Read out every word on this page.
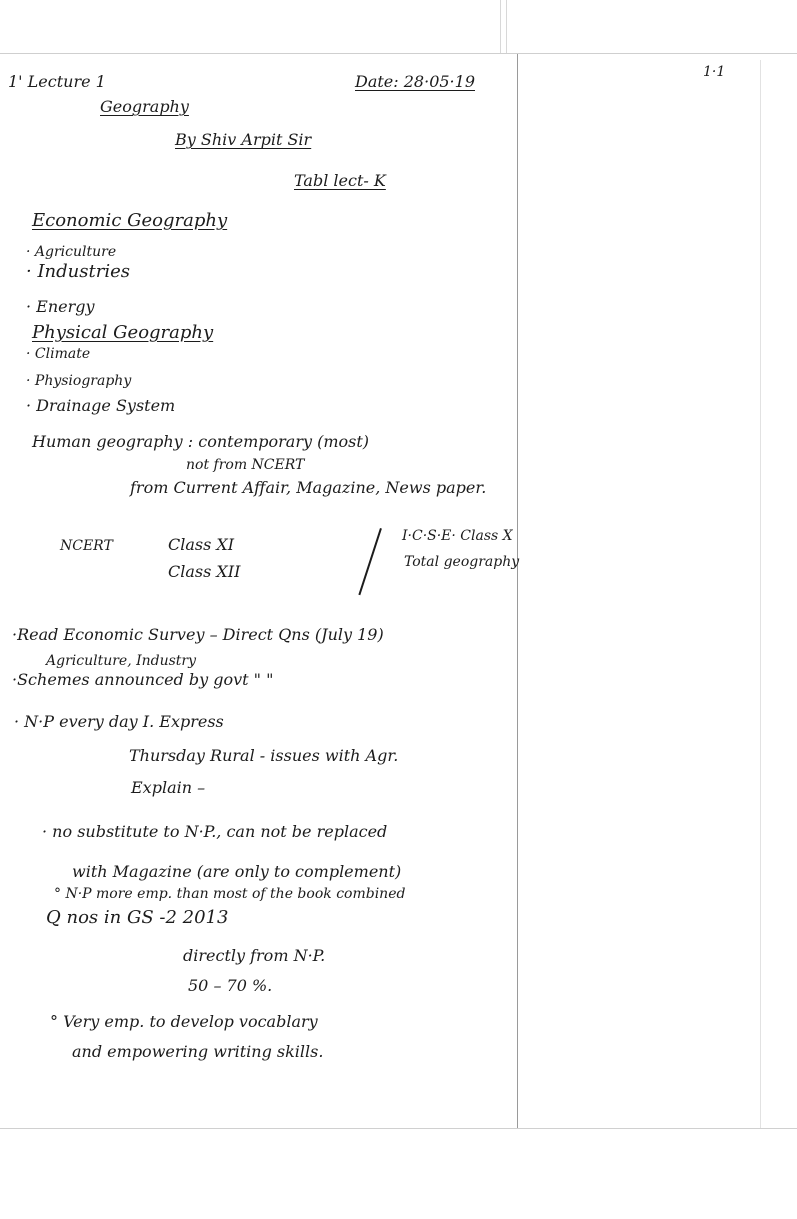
1·1
1' Lecture 1	Date: 28·05·19
Geography
By Shiv Arpit Sir
Tabl lect- K
Economic Geography
· Agriculture
· Industries
· Energy
Physical Geography
· Climate
· Physiography
· Drainage System
Human geography : contemporary (most)
not from NCERT
from Current Affair, Magazine, News paper.
NCERT	Class XI
Class XII
I·C·S·E· Class X
Total geography
·Read Economic Survey – Direct Qns (July 19)
Agriculture, Industry
·Schemes announced by govt " "
· N·P every day I. Express
Thursday Rural - issues with Agr.
Explain –
· no substitute to N·P., can not be replaced
with Magazine (are only to complement)
° N·P more emp. than most of the book combined
Q nos in GS -2 2013
directly from N·P.
50 – 70 %.
° Very emp. to develop vocablary
and empowering writing skills.
